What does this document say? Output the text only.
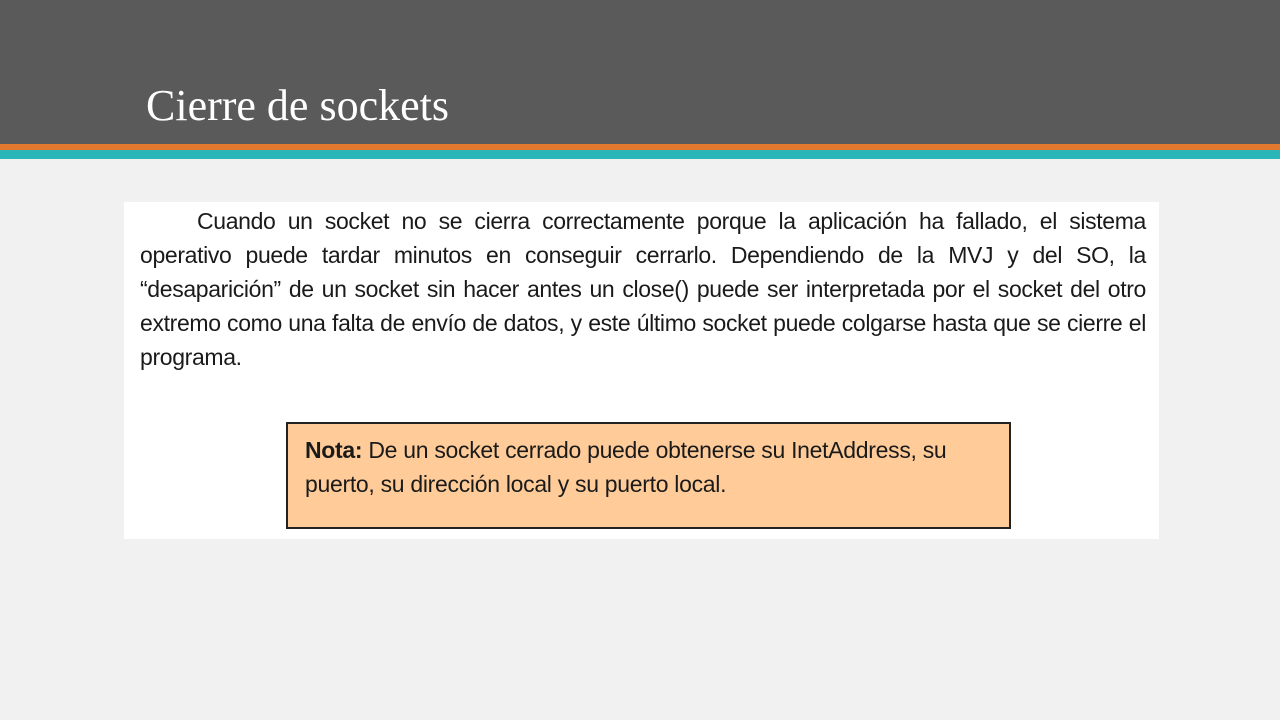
Cierre de sockets

Cuando un socket no se cierra correctamente porque la aplicación ha fallado, el sistema operativo puede tardar minutos en conseguir cerrarlo. Dependiendo de la MVJ y del SO, la “desaparición” de un socket sin hacer antes un close() puede ser interpretada por el socket del otro extremo como una falta de envío de datos, y este último socket puede colgarse hasta que se cierre el programa.

Nota: De un socket cerrado puede obtenerse su InetAddress, su puerto, su dirección local y su puerto local.
